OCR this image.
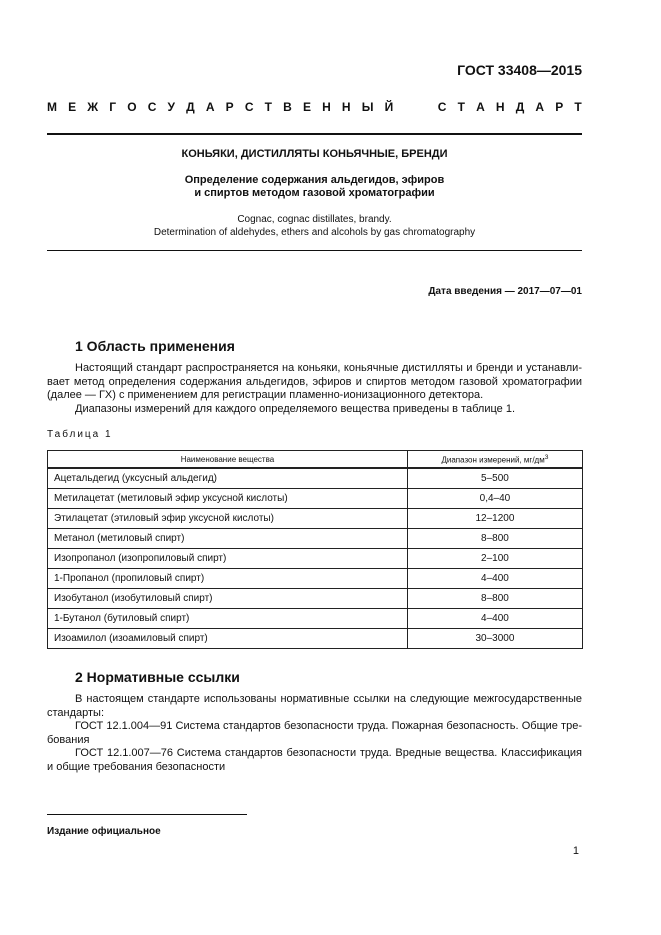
ГОСТ 33408—2015
М Е Ж Г О С У Д А Р С Т В Е Н Н Ы Й	С Т А Н Д А Р Т
КОНЬЯКИ, ДИСТИЛЛЯТЫ КОНЬЯЧНЫЕ, БРЕНДИ
Определение содержания альдегидов, эфиров
и спиртов методом газовой хроматографии
Cognac, cognac distillates, brandy.
Determination of aldehydes, ethers and alcohols by gas chromatography
Дата введения — 2017—07—01
1 Область применения
Настоящий стандарт распространяется на коньяки, коньячные дистилляты и бренди и устанавли-
вает метод определения содержания альдегидов, эфиров и спиртов методом газовой хроматографии
(далее — ГХ) с применением для регистрации пламенно-ионизационного детектора.
Диапазоны измерений для каждого определяемого вещества приведены в таблице 1.
Таблица 1
Наименование вещества	Диапазон измерений, $мг/дм^3$
Ацетальдегид (уксусный альдегид)	5–500
Метилацетат (метиловый эфир уксусной кислоты)	0,4–40
Этилацетат (этиловый эфир уксусной кислоты)	12–1200
Метанол (метиловый спирт)	8–800
Изопропанол (изопропиловый спирт)	2–100
1-Пропанол (пропиловый спирт)	4–400
Изобутанол (изобутиловый спирт)	8–800
1-Бутанол (бутиловый спирт)	4–400
Изоамилол (изоамиловый спирт)	30–3000
2 Нормативные ссылки
В настоящем стандарте использованы нормативные ссылки на следующие межгосударственные
стандарты:
ГОСТ 12.1.004—91 Система стандартов безопасности труда. Пожарная безопасность. Общие тре-
бования
ГОСТ 12.1.007—76 Система стандартов безопасности труда. Вредные вещества. Классификация
и общие требования безопасности
Издание официальное
1
